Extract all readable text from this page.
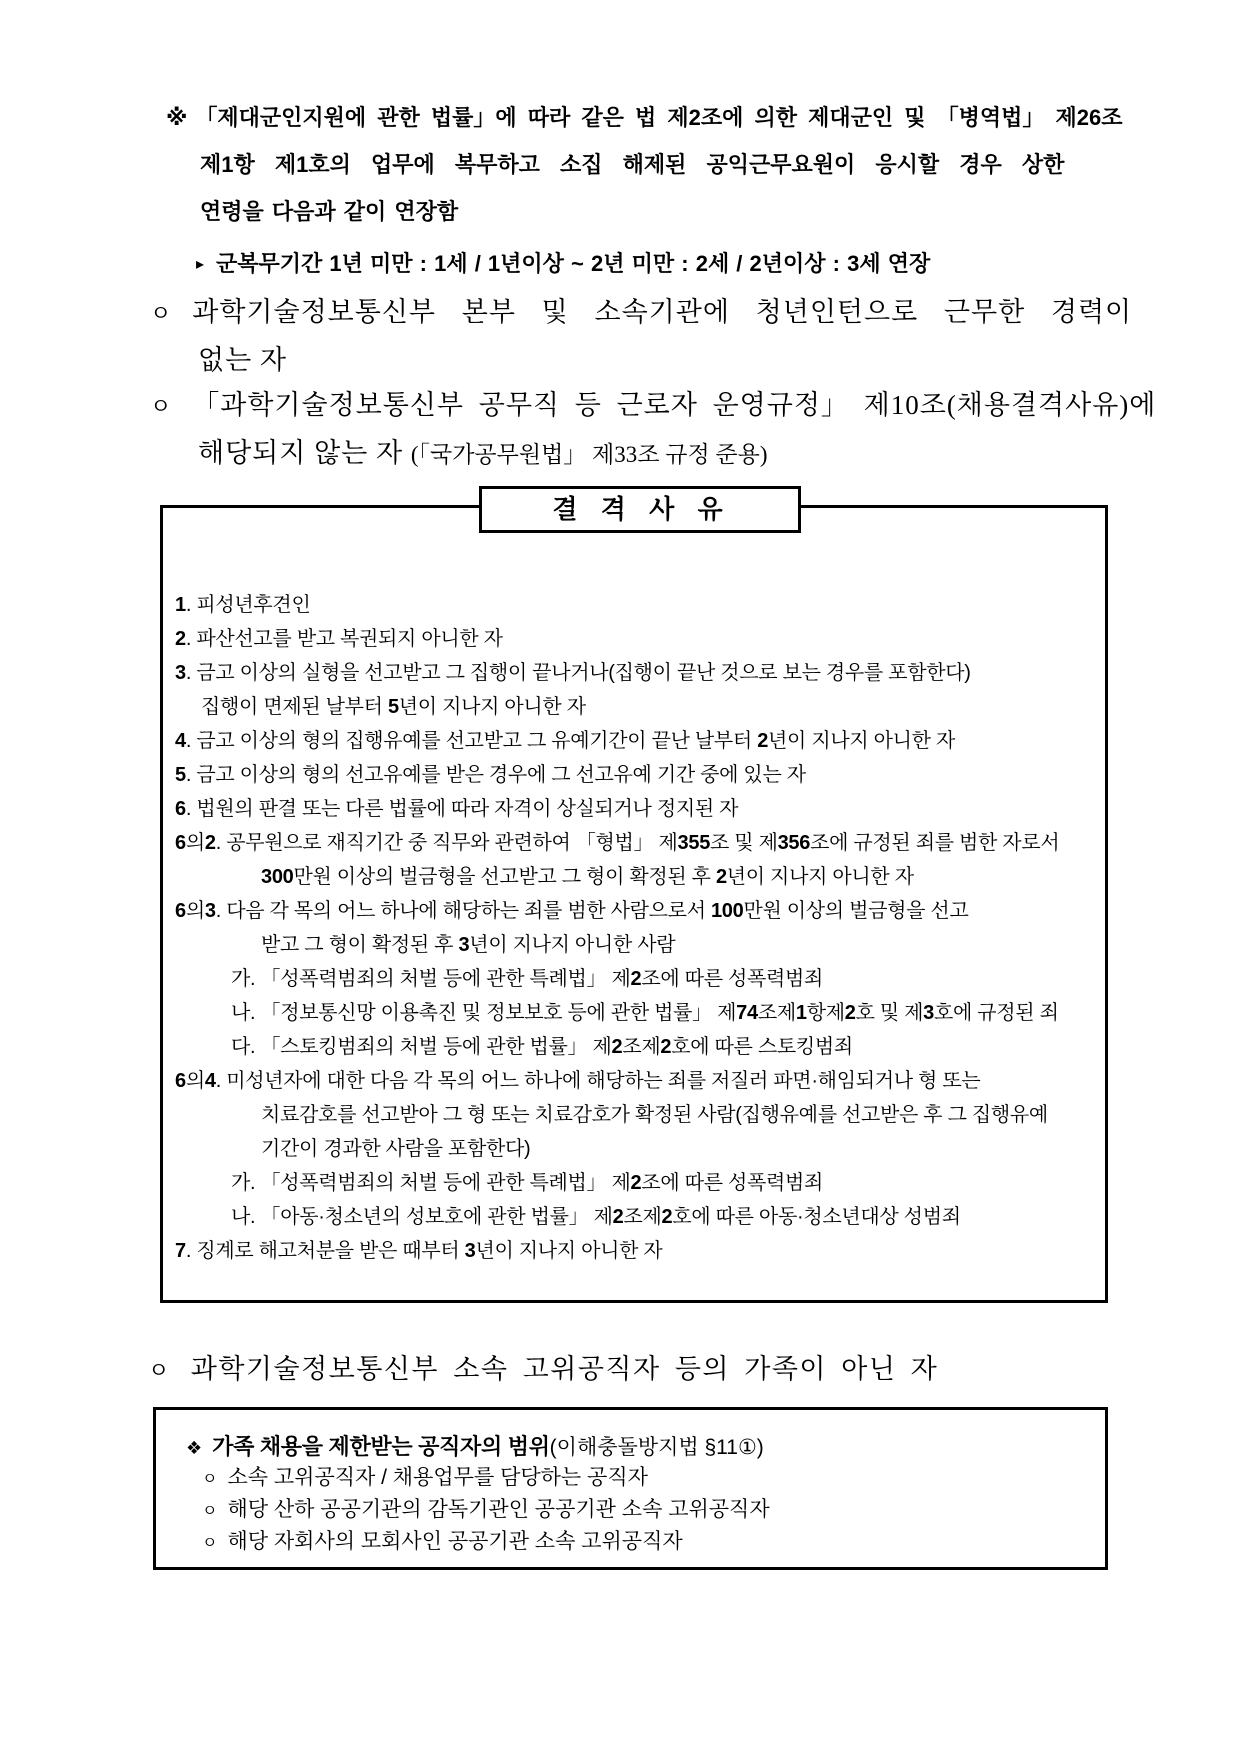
※ 「제대군인지원에 관한 법률」에 따라 같은 법 제2조에 의한 제대군인 및 「병역법」 제26조
제1항 제1호의 업무에 복무하고 소집 해제된 공익근무요원이 응시할 경우 상한
연령을 다음과 같이 연장함
▸ 군복무기간 1년 미만 : 1세 / 1년이상 ~ 2년 미만 : 2세 / 2년이상 : 3세 연장
ㅇ 과학기술정보통신부 본부 및 소속기관에 청년인턴으로 근무한 경력이
없는 자
ㅇ 「과학기술정보통신부 공무직 등 근로자 운영규정」 제10조(채용결격사유)에
해당되지 않는 자 (「국가공무원법」 제33조 규정 준용)
결 격 사 유
1. 피성년후견인
2. 파산선고를 받고 복권되지 아니한 자
3. 금고 이상의 실형을 선고받고 그 집행이 끝나거나(집행이 끝난 것으로 보는 경우를 포함한다)
집행이 면제된 날부터 5년이 지나지 아니한 자
4. 금고 이상의 형의 집행유예를 선고받고 그 유예기간이 끝난 날부터 2년이 지나지 아니한 자
5. 금고 이상의 형의 선고유예를 받은 경우에 그 선고유예 기간 중에 있는 자
6. 법원의 판결 또는 다른 법률에 따라 자격이 상실되거나 정지된 자
6의2. 공무원으로 재직기간 중 직무와 관련하여 「형법」 제355조 및 제356조에 규정된 죄를 범한 자로서
300만원 이상의 벌금형을 선고받고 그 형이 확정된 후 2년이 지나지 아니한 자
6의3. 다음 각 목의 어느 하나에 해당하는 죄를 범한 사람으로서 100만원 이상의 벌금형을 선고
받고 그 형이 확정된 후 3년이 지나지 아니한 사람
가. 「성폭력범죄의 처벌 등에 관한 특례법」 제2조에 따른 성폭력범죄
나. 「정보통신망 이용촉진 및 정보보호 등에 관한 법률」 제74조제1항제2호 및 제3호에 규정된 죄
다. 「스토킹범죄의 처벌 등에 관한 법률」 제2조제2호에 따른 스토킹범죄
6의4. 미성년자에 대한 다음 각 목의 어느 하나에 해당하는 죄를 저질러 파면·해임되거나 형 또는
치료감호를 선고받아 그 형 또는 치료감호가 확정된 사람(집행유예를 선고받은 후 그 집행유예
기간이 경과한 사람을 포함한다)
가. 「성폭력범죄의 처벌 등에 관한 특례법」 제2조에 따른 성폭력범죄
나. 「아동·청소년의 성보호에 관한 법률」 제2조제2호에 따른 아동·청소년대상 성범죄
7. 징계로 해고처분을 받은 때부터 3년이 지나지 아니한 자
ㅇ 과학기술정보통신부 소속 고위공직자 등의 가족이 아닌 자
❖ 가족 채용을 제한받는 공직자의 범위(이해충돌방지법 §11①)
ㅇ 소속 고위공직자 / 채용업무를 담당하는 공직자
ㅇ 해당 산하 공공기관의 감독기관인 공공기관 소속 고위공직자
ㅇ 해당 자회사의 모회사인 공공기관 소속 고위공직자
